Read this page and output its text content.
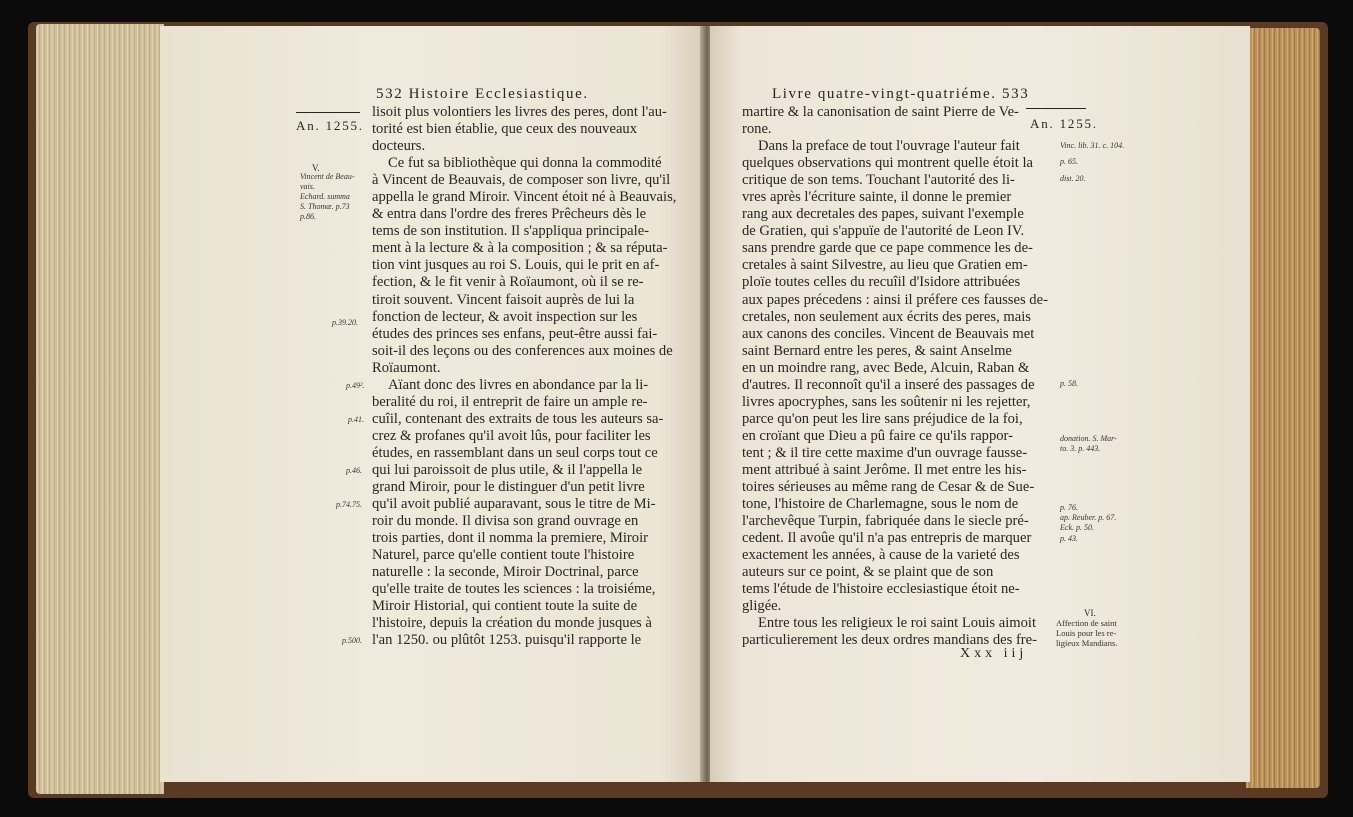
An. 1255.
532 Histoire Ecclesiastique.
V.
Vincent de Beau-
vais.
Echard. summa
S. Thomæ. p.73
p.86.
p.39.20.
p.49².
p.41.
p.46.
p.74.75.
p.500.
lisoit plus volontiers les livres des peres, dont l'au-
torité est bien établie, que ceux des nouveaux
docteurs.
Ce fut sa bibliothèque qui donna la commodité
à Vincent de Beauvais, de composer son livre, qu'il
appella le grand Miroir. Vincent étoit né à Beauvais,
& entra dans l'ordre des freres Prêcheurs dès le
tems de son institution. Il s'appliqua principale-
ment à la lecture & à la composition ; & sa réputa-
tion vint jusques au roi S. Louis, qui le prit en af-
fection, & le fit venir à Roïaumont, où il se re-
tiroit souvent. Vincent faisoit auprès de lui la
fonction de lecteur, & avoit inspection sur les
études des princes ses enfans, peut-être aussi fai-
soit-il des leçons ou des conferences aux moines de
Roïaumont.
Aïant donc des livres en abondance par la li-
beralité du roi, il entreprit de faire un ample re-
cuîil, contenant des extraits de tous les auteurs sa-
crez & profanes qu'il avoit lûs, pour faciliter les
études, en rassemblant dans un seul corps tout ce
qui lui paroissoit de plus utile, & il l'appella le
grand Miroir, pour le distinguer d'un petit livre
qu'il avoit publié auparavant, sous le titre de Mi-
roir du monde. Il divisa son grand ouvrage en
trois parties, dont il nomma la premiere, Miroir
Naturel, parce qu'elle contient toute l'histoire
naturelle : la seconde, Miroir Doctrinal, parce
qu'elle traite de toutes les sciences : la troisiéme,
Miroir Historial, qui contient toute la suite de
l'histoire, depuis la création du monde jusques à
l'an 1250. ou plûtôt 1253. puisqu'il rapporte le
Livre quatre-vingt-quatriéme. 533
An. 1255.
martire & la canonisation de saint Pierre de Ve-
rone.
Dans la preface de tout l'ouvrage l'auteur fait
quelques observations qui montrent quelle étoit la
critique de son tems. Touchant l'autorité des li-
vres après l'écriture sainte, il donne le premier
rang aux decretales des papes, suivant l'exemple
de Gratien, qui s'appuïe de l'autorité de Leon IV.
sans prendre garde que ce pape commence les de-
cretales à saint Silvestre, au lieu que Gratien em-
ploïe toutes celles du recuîil d'Isidore attribuées
aux papes précedens : ainsi il préfere ces fausses de-
cretales, non seulement aux écrits des peres, mais
aux canons des conciles. Vincent de Beauvais met
saint Bernard entre les peres, & saint Anselme
en un moindre rang, avec Bede, Alcuin, Raban &
d'autres. Il reconnoît qu'il a inseré des passages de
livres apocryphes, sans les soûtenir ni les rejetter,
parce qu'on peut les lire sans préjudice de la foi,
en croïant que Dieu a pû faire ce qu'ils rappor-
tent ; & il tire cette maxime d'un ouvrage fausse-
ment attribué à saint Jerôme. Il met entre les his-
toires sérieuses au même rang de Cesar & de Sue-
tone, l'histoire de Charlemagne, sous le nom de
l'archevêque Turpin, fabriquée dans le siecle pré-
cedent. Il avoûe qu'il n'a pas entrepris de marquer
exactement les années, à cause de la varieté des
auteurs sur ce point, & se plaint que de son
tems l'étude de l'histoire ecclesiastique étoit ne-
gligée.
Entre tous les religieux le roi saint Louis aimoit
particulierement les deux ordres mandians des fre-
Xxx iij
Vinc. lib. 31. c. 104.
p. 65.
dist. 20.
p. 58.
donation. S. Mar-
to. 3. p. 443.
p. 76.
ap. Reuber. p. 67.
Eck. p. 50.
p. 43.
VI.
Affection de saint
Louis pour les re-
ligieux Mandians.
